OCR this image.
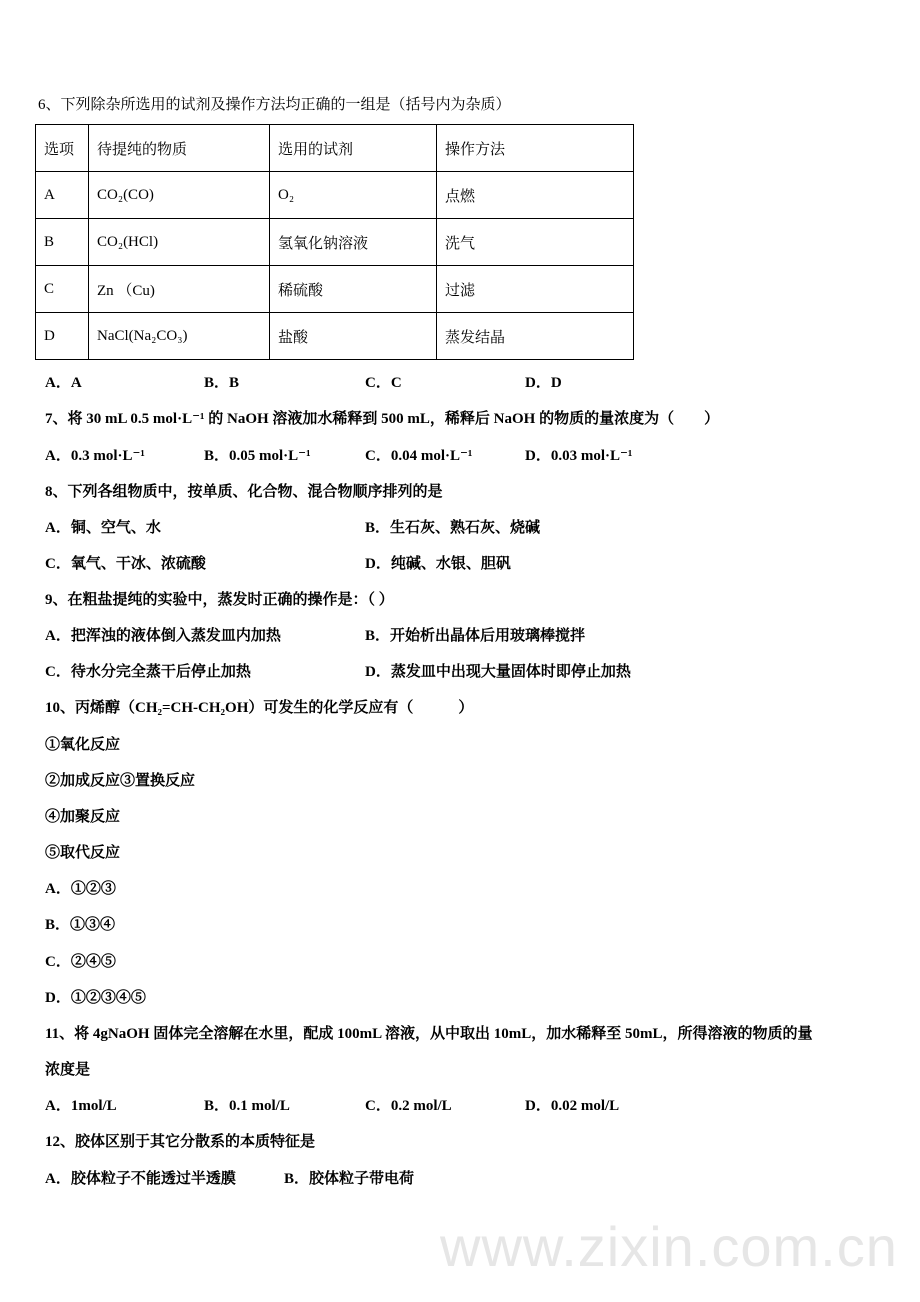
www.zixin.com.cn
6、下列除杂所选用的试剂及操作方法均正确的一组是（括号内为杂质）
选项	待提纯的物质	选用的试剂	操作方法
A	CO₂(CO)	O₂	点燃
B	CO₂(HCl)	氢氧化钠溶液	洗气
C	Zn （Cu)	稀硫酸	过滤
D	NaCl(Na₂CO₃)	盐酸	蒸发结晶
A．A	B．B	C．C	D．D
7、将 30 mL 0.5 mol·L⁻¹ 的 NaOH 溶液加水稀释到 500 mL，稀释后 NaOH 的物质的量浓度为（　　）
A．0.3 mol·L⁻¹	B．0.05 mol·L⁻¹	C．0.04 mol·L⁻¹	D．0.03 mol·L⁻¹
8、下列各组物质中，按单质、化合物、混合物顺序排列的是
A．铜、空气、水	B．生石灰、熟石灰、烧碱
C．氧气、干冰、浓硫酸	D．纯碱、水银、胆矾
9、在粗盐提纯的实验中，蒸发时正确的操作是：（ ）
A．把浑浊的液体倒入蒸发皿内加热	B．开始析出晶体后用玻璃棒搅拌
C．待水分完全蒸干后停止加热	D．蒸发皿中出现大量固体时即停止加热
10、丙烯醇（CH₂=CH-CH₂OH）可发生的化学反应有（　　　）
①氧化反应
②加成反应③置换反应
④加聚反应
⑤取代反应
A．①②③
B．①③④
C．②④⑤
D．①②③④⑤
11、将 4gNaOH 固体完全溶解在水里，配成 100mL 溶液，从中取出 10mL，加水稀释至 50mL，所得溶液的物质的量
浓度是
A．1mol/L	B．0.1 mol/L	C．0.2 mol/L	D．0.02 mol/L
12、胶体区别于其它分散系的本质特征是
A．胶体粒子不能透过半透膜	B．胶体粒子带电荷
